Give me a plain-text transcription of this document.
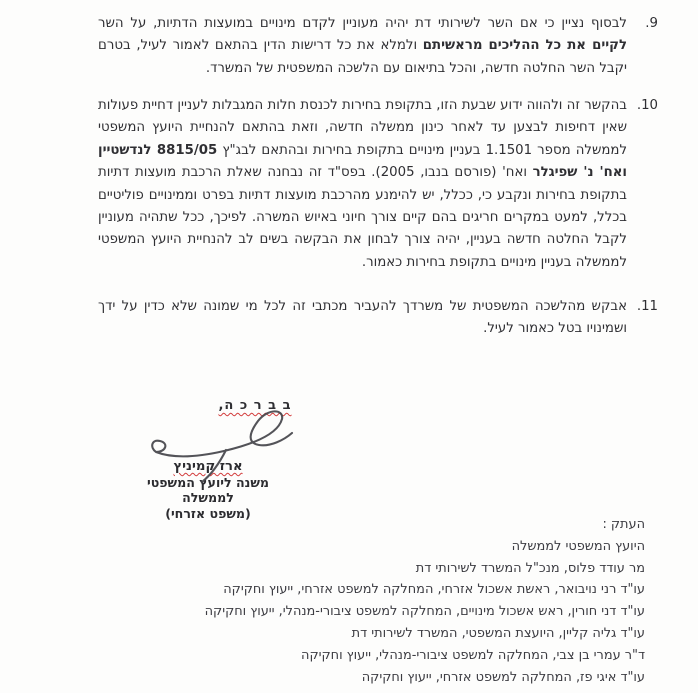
9.
לבסוף נציין כי אם השר לשירותי דת יהיה מעוניין לקדם מינויים במועצות הדתיות, על השר לקיים את כל ההליכים מראשיתם ולמלא את כל דרישות הדין בהתאם לאמור לעיל, בטרם יקבל השר החלטה חדשה, והכל בתיאום עם הלשכה המשפטית של המשרד.
10.
בהקשר זה ולהווה ידוע שבעת הזו, בתקופת בחירות לכנסת חלות המגבלות לעניין דחיית פעולות שאין דחיפות לבצען עד לאחר כינון ממשלה חדשה, וזאת בהתאם להנחיית היועץ המשפטי לממשלה מספר 1.1501 בעניין מינויים בתקופת בחירות ובהתאם לבג"ץ 8815/05 לנדשטיין ואח' נ' שפיגלר ואח' (פורסם בנבו, 2005). בפס"ד זה נבחנה שאלת הרכבת מועצות דתיות בתקופת בחירות ונקבע כי, ככלל, יש להימנע מהרכבת מועצות דתיות בפרט וממינויים פוליטיים בכלל, למעט במקרים חריגים בהם קיים צורך חיוני באיוש המשרה. לפיכך, ככל שתהיה מעוניין לקבל החלטה חדשה בעניין, יהיה צורך לבחון את הבקשה בשים לב להנחיית היועץ המשפטי לממשלה בעניין מינויים בתקופת בחירות כאמור.
11.
אבקש מהלשכה המשפטית של משרדך להעביר מכתבי זה לכל מי שמונה שלא כדין על ידך ושמינויו בטל כאמור לעיל.
ב ב ר כ ה,
ארז קמיניץ
משנה ליועץ המשפטי לממשלה
(משפט אזרחי)
העתק :
היועץ המשפטי לממשלה
מר עודד פלוס, מנכ"ל המשרד לשירותי דת
עו"ד רני נויבואר, ראשת אשכול אזרחי, המחלקה למשפט אזרחי, ייעוץ וחקיקה
עו"ד דני חורין, ראש אשכול מינויים, המחלקה למשפט ציבורי-מנהלי, ייעוץ וחקיקה
עו"ד גליה קליין, היועצת המשפטי, המשרד לשירותי דת
ד"ר עמרי בן צבי, המחלקה למשפט ציבורי-מנהלי, ייעוץ וחקיקה
עו"ד איגי פז, המחלקה למשפט אזרחי, ייעוץ וחקיקה
